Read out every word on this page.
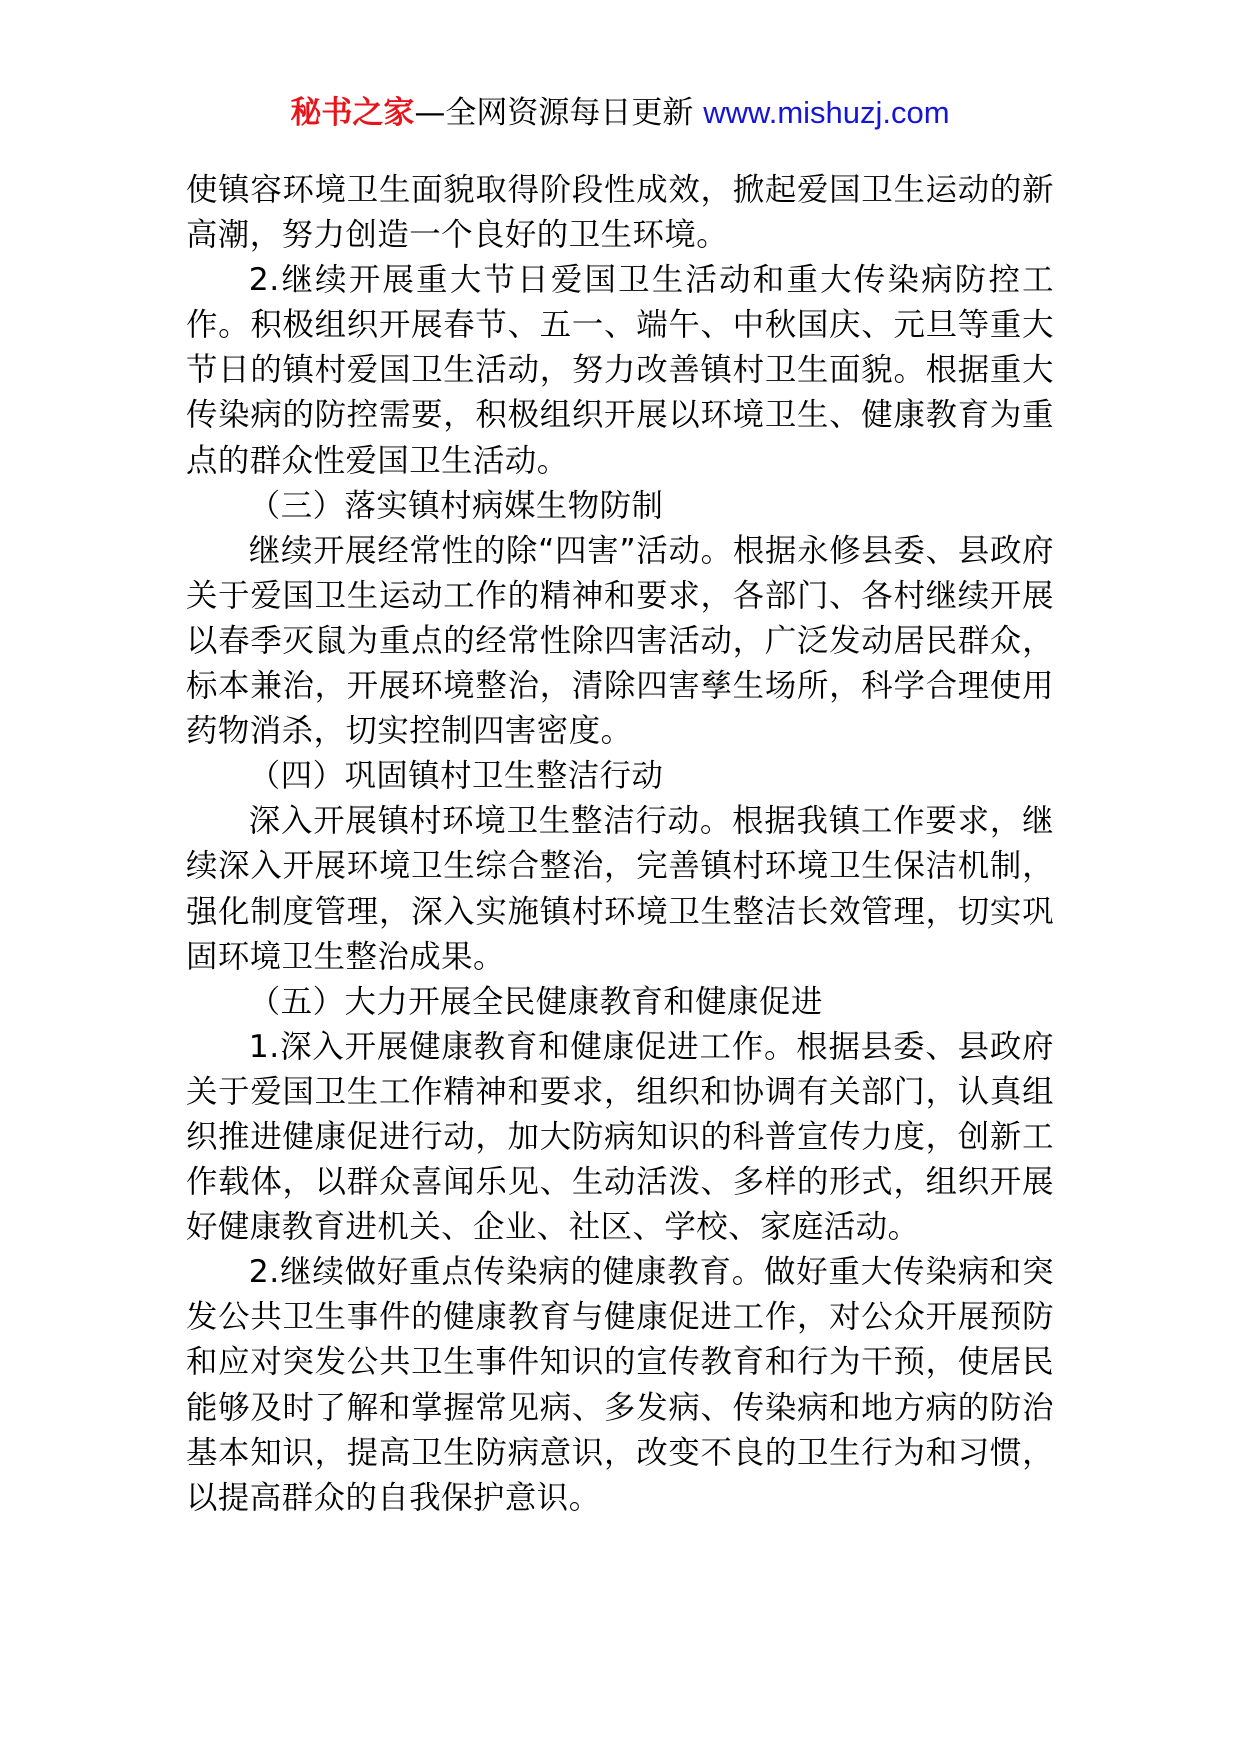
秘书之家—全网资源每日更新 www.mishuzj.com

使镇容环境卫生面貌取得阶段性成效，掀起爱国卫生运动的新高潮，努力创造一个良好的卫生环境。

2.继续开展重大节日爱国卫生活动和重大传染病防控工作。积极组织开展春节、五一、端午、中秋国庆、元旦等重大节日的镇村爱国卫生活动，努力改善镇村卫生面貌。根据重大传染病的防控需要，积极组织开展以环境卫生、健康教育为重点的群众性爱国卫生活动。

（三）落实镇村病媒生物防制

继续开展经常性的除“四害”活动。根据永修县委、县政府关于爱国卫生运动工作的精神和要求，各部门、各村继续开展以春季灭鼠为重点的经常性除四害活动，广泛发动居民群众，标本兼治，开展环境整治，清除四害孳生场所，科学合理使用药物消杀，切实控制四害密度。

（四）巩固镇村卫生整洁行动

深入开展镇村环境卫生整洁行动。根据我镇工作要求，继续深入开展环境卫生综合整治，完善镇村环境卫生保洁机制，强化制度管理，深入实施镇村环境卫生整洁长效管理，切实巩固环境卫生整治成果。

（五）大力开展全民健康教育和健康促进

1.深入开展健康教育和健康促进工作。根据县委、县政府关于爱国卫生工作精神和要求，组织和协调有关部门，认真组织推进健康促进行动，加大防病知识的科普宣传力度，创新工作载体，以群众喜闻乐见、生动活泼、多样的形式，组织开展好健康教育进机关、企业、社区、学校、家庭活动。

2.继续做好重点传染病的健康教育。做好重大传染病和突发公共卫生事件的健康教育与健康促进工作，对公众开展预防和应对突发公共卫生事件知识的宣传教育和行为干预，使居民能够及时了解和掌握常见病、多发病、传染病和地方病的防治基本知识，提高卫生防病意识，改变不良的卫生行为和习惯，以提高群众的自我保护意识。
